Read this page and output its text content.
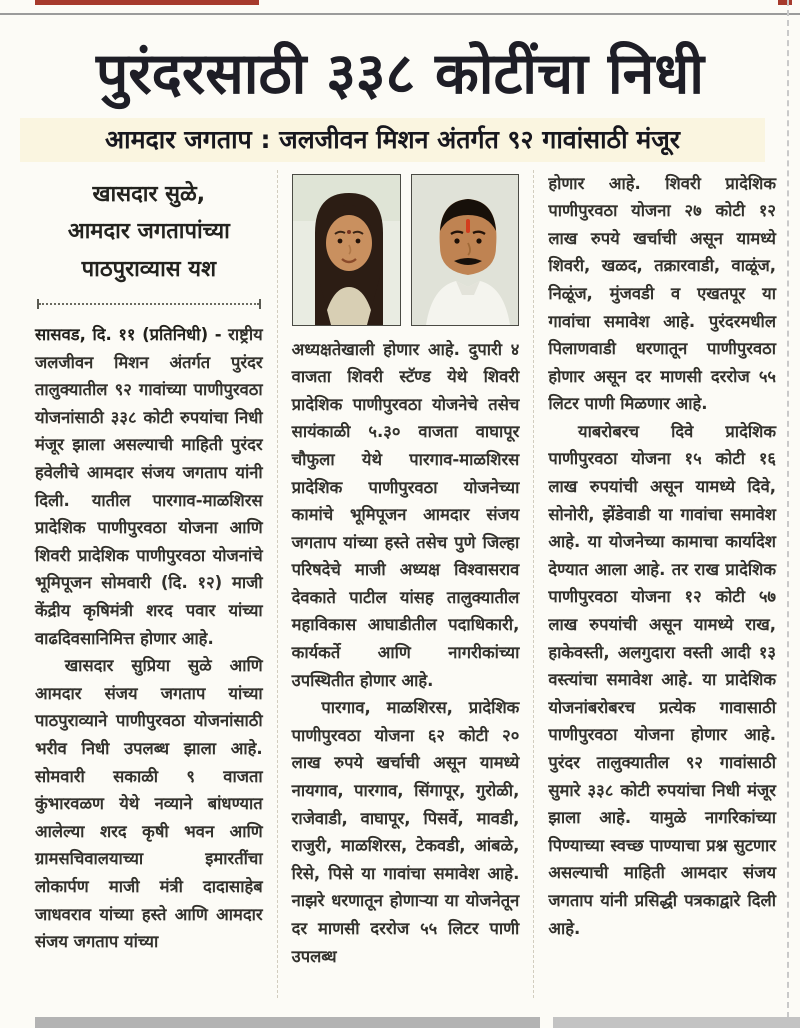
पुरंदरसाठी ३३८ कोटींचा निधी
आमदार जगताप : जलजीवन मिशन अंतर्गत ९२ गावांसाठी मंजूर
खासदार सुळे,
आमदार जगतापांच्या
पाठपुराव्यास यश

सासवड, दि. ११ (प्रतिनिधी) - राष्ट्रीय जलजीवन मिशन अंतर्गत पुरंदर तालुक्यातील ९२ गावांच्या पाणीपुरवठा योजनांसाठी ३३८ कोटी रुपयांचा निधी मंजूर झाला असल्याची माहिती पुरंदर हवेलीचे आमदार संजय जगताप यांनी दिली. यातील पारगाव-माळशिरस प्रादेशिक पाणीपुरवठा योजना आणि शिवरी प्रादेशिक पाणीपुरवठा योजनांचे भूमिपूजन सोमवारी (दि. १२) माजी केंद्रीय कृषिमंत्री शरद पवार यांच्या वाढदिवसानिमित्त होणार आहे.

खासदार सुप्रिया सुळे आणि आमदार संजय जगताप यांच्या पाठपुराव्याने पाणीपुरवठा योजनांसाठी भरीव निधी उपलब्ध झाला आहे. सोमवारी सकाळी ९ वाजता कुंभारवळण येथे नव्याने बांधण्यात आलेल्या शरद कृषी भवन आणि ग्रामसचिवालयाच्या इमारतींचा लोकार्पण माजी मंत्री दादासाहेब जाधवराव यांच्या हस्ते आणि आमदार संजय जगताप यांच्या

अध्यक्षतेखाली होणार आहे. दुपारी ४ वाजता शिवरी स्टॅण्ड येथे शिवरी प्रादेशिक पाणीपुरवठा योजनेचे तसेच सायंकाळी ५.३० वाजता वाघापूर चौफुला येथे पारगाव-माळशिरस प्रादेशिक पाणीपुरवठा योजनेच्या कामांचे भूमिपूजन आमदार संजय जगताप यांच्या हस्ते तसेच पुणे जिल्हा परिषदेचे माजी अध्यक्ष विश्वासराव देवकाते पाटील यांसह तालुक्यातील महाविकास आघाडीतील पदाधिकारी, कार्यकर्ते आणि नागरीकांच्या उपस्थितीत होणार आहे.

पारगाव, माळशिरस, प्रादेशिक पाणीपुरवठा योजना ६२ कोटी २० लाख रुपये खर्चाची असून यामध्ये नायगाव, पारगाव, सिंगापूर, गुरोळी, राजेवाडी, वाघापूर, पिसर्वे, मावडी, राजुरी, माळशिरस, टेकवडी, आंबळे, रिसे, पिसे या गावांचा समावेश आहे. नाझरे धरणातून होणाऱ्या या योजनेतून दर माणसी दररोज ५५ लिटर पाणी उपलब्ध

होणार आहे. शिवरी प्रादेशिक पाणीपुरवठा योजना २७ कोटी १२ लाख रुपये खर्चाची असून यामध्ये शिवरी, खळद, तक्रारवाडी, वाळूंज, निळूंज, मुंजवडी व एखतपूर या गावांचा समावेश आहे. पुरंदरमधील पिलाणवाडी धरणातून पाणीपुरवठा होणार असून दर माणसी दररोज ५५ लिटर पाणी मिळणार आहे.

याबरोबरच दिवे प्रादेशिक पाणीपुरवठा योजना १५ कोटी १६ लाख रुपयांची असून यामध्ये दिवे, सोनोरी, झेंडेवाडी या गावांचा समावेश आहे. या योजनेच्या कामाचा कार्यादेश देण्यात आला आहे. तर राख प्रादेशिक पाणीपुरवठा योजना १२ कोटी ५७ लाख रुपयांची असून यामध्ये राख, हाकेवस्ती, अलगुदारा वस्ती आदी १३ वस्त्यांचा समावेश आहे. या प्रादेशिक योजनांबरोबरच प्रत्येक गावासाठी पाणीपुरवठा योजना होणार आहे. पुरंदर तालुक्यातील ९२ गावांसाठी सुमारे ३३८ कोटी रुपयांचा निधी मंजूर झाला आहे. यामुळे नागरिकांच्या पिण्याच्या स्वच्छ पाण्याचा प्रश्न सुटणार असल्याची माहिती आमदार संजय जगताप यांनी प्रसिद्धी पत्रकाद्वारे दिली आहे.
